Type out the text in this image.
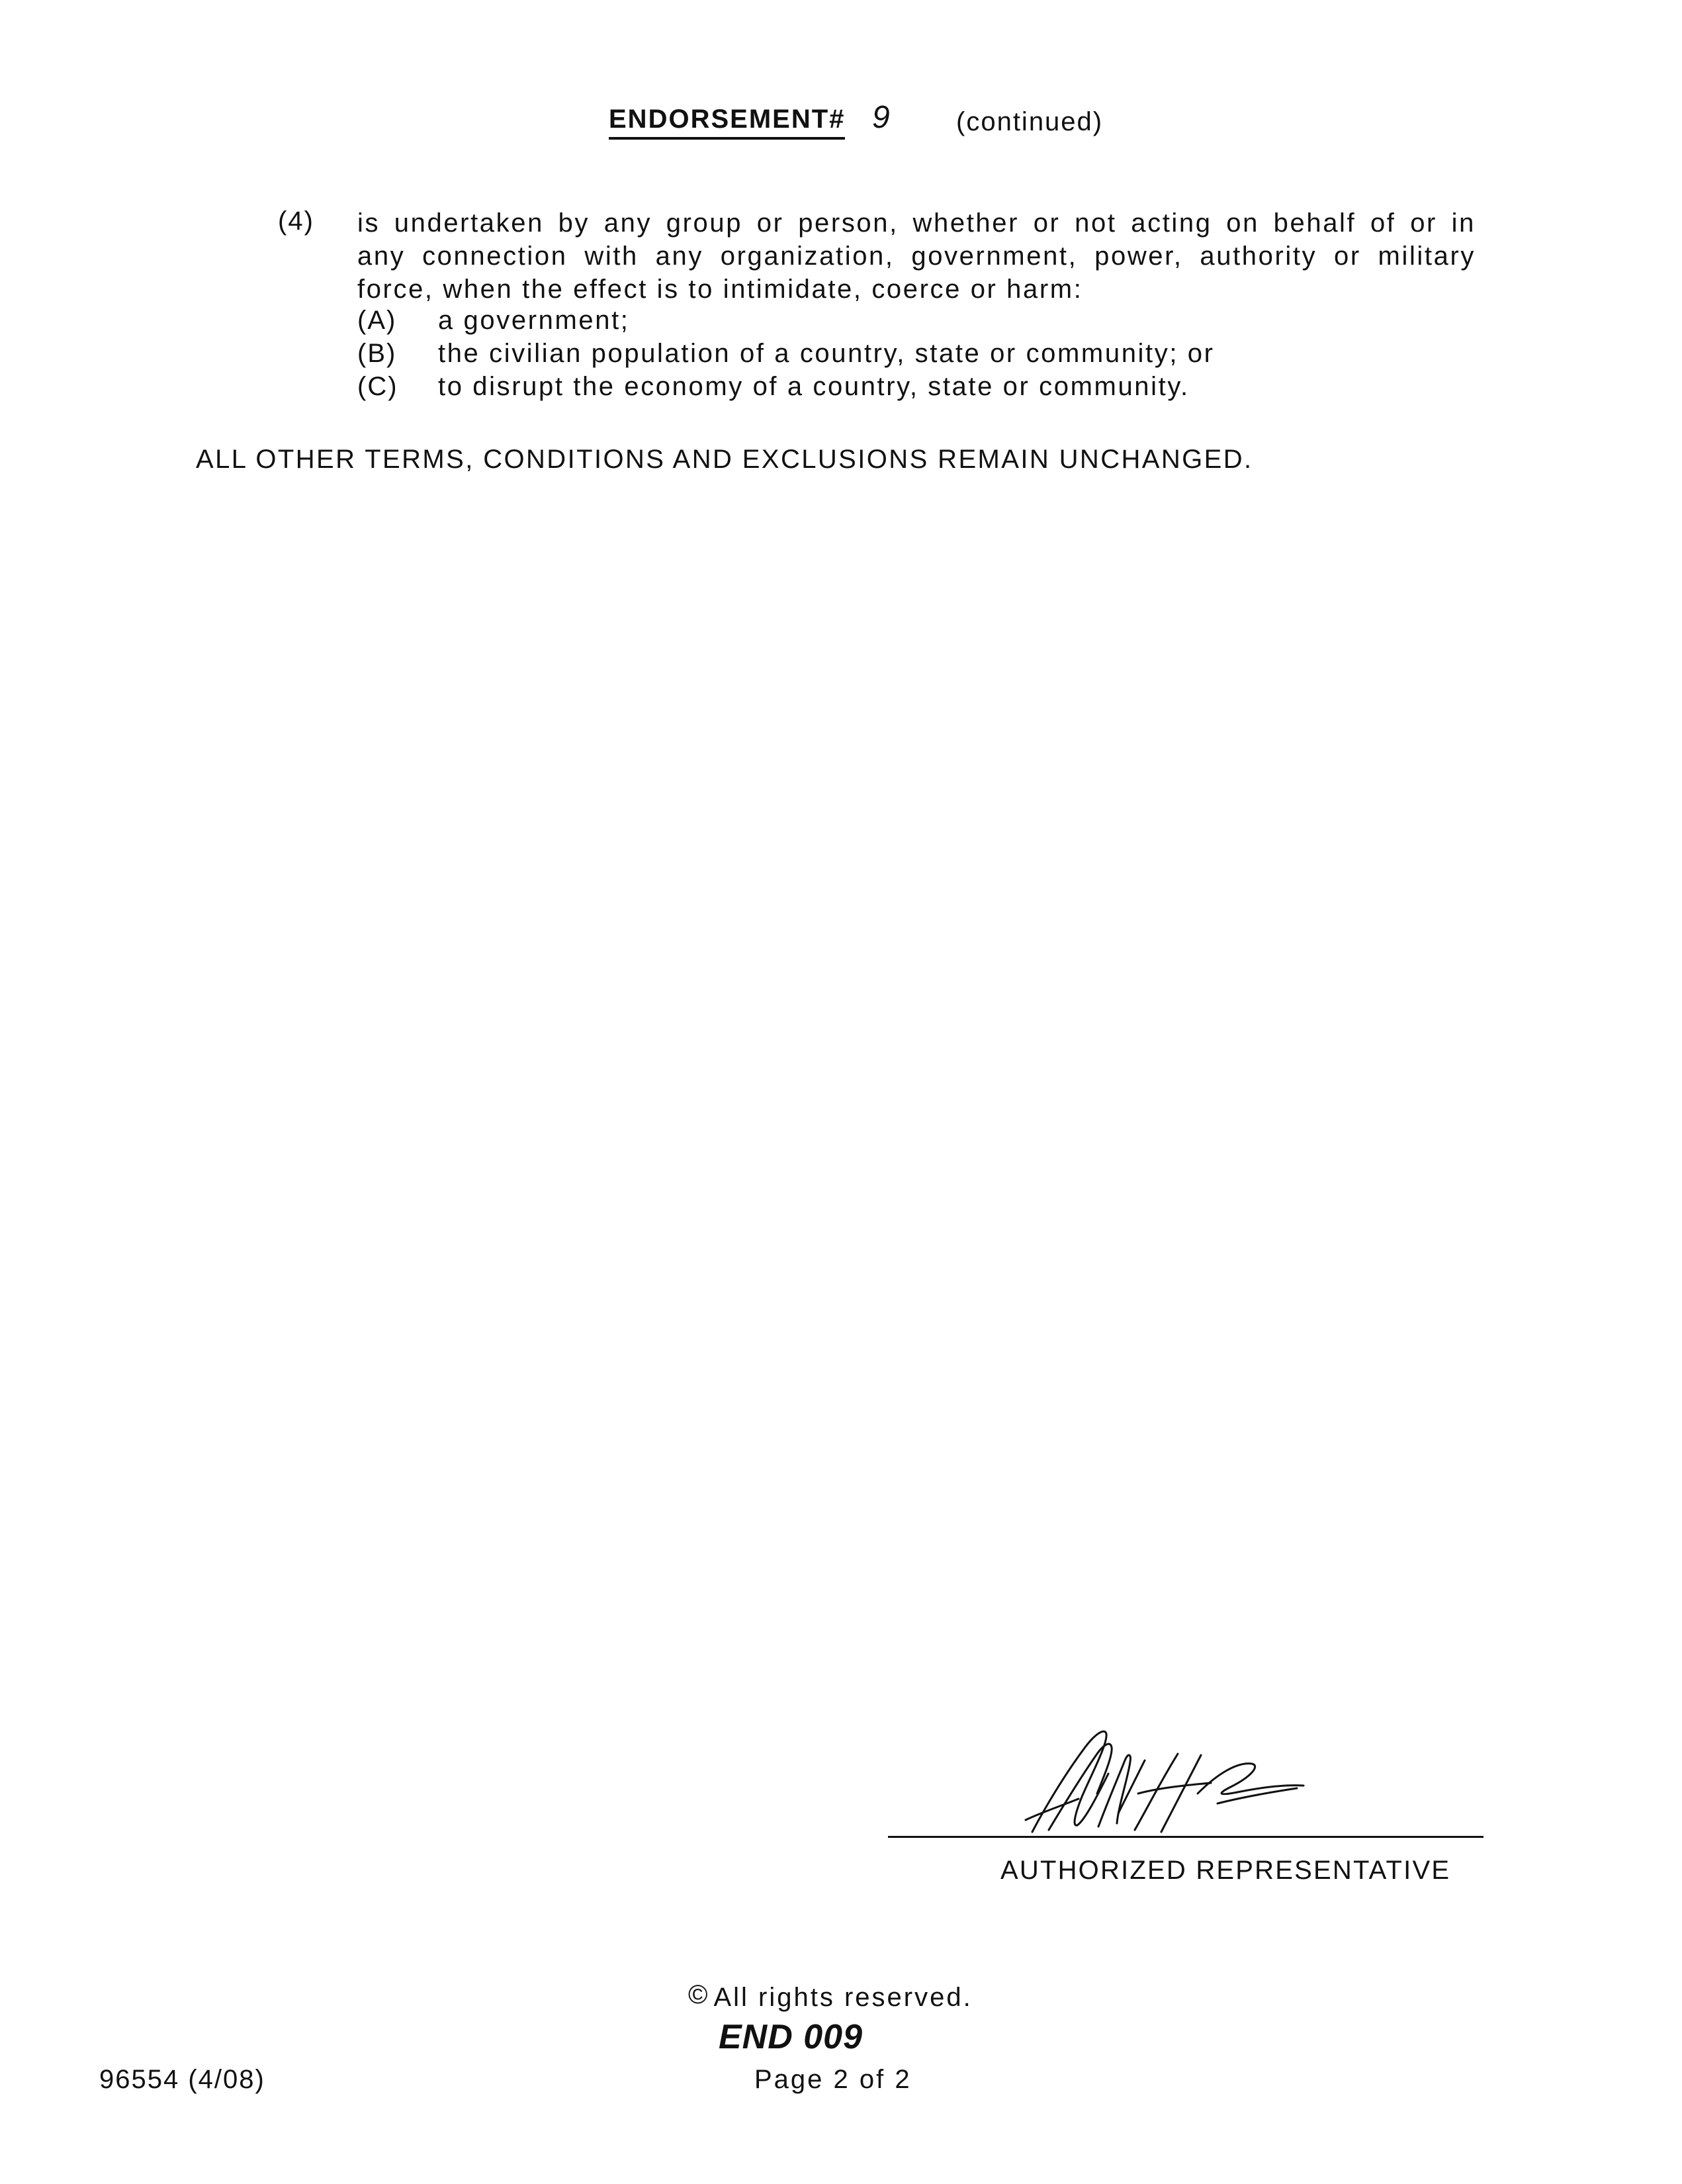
ENDORSEMENT# 9	(continued)
(4) is undertaken by any group or person, whether or not acting on behalf of or in
any connection with any organization, government, power, authority or military
force, when the effect is to intimidate, coerce or harm:
(A) a government;
(B) the civilian population of a country, state or community; or
(C) to disrupt the economy of a country, state or community.
ALL OTHER TERMS, CONDITIONS AND EXCLUSIONS REMAIN UNCHANGED.
AUTHORIZED REPRESENTATIVE
© All rights reserved.
END 009
96554 (4/08)	Page 2 of 2
